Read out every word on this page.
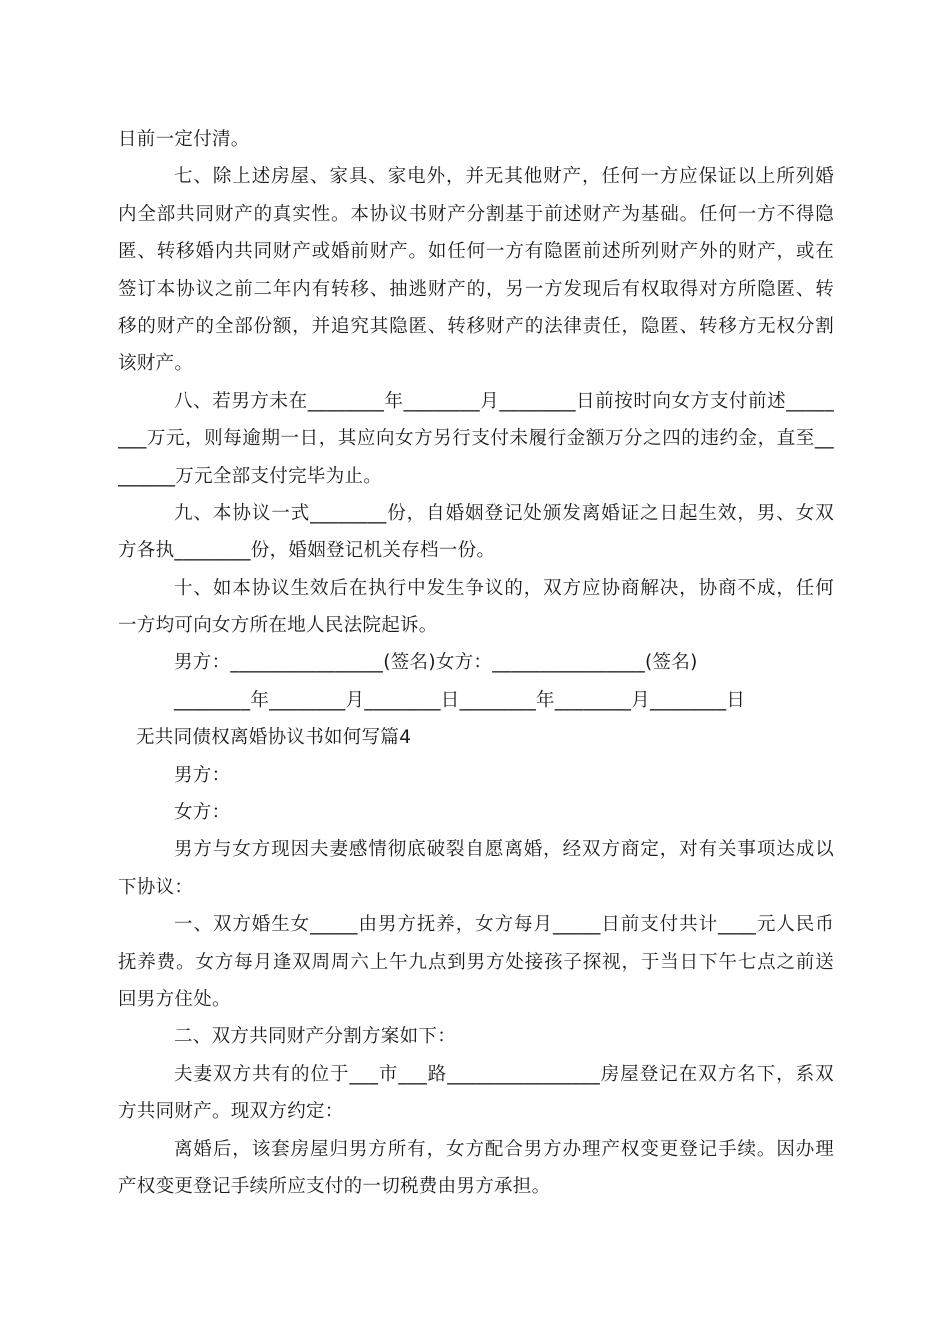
日前一定付清。
七、除上述房屋、家具、家电外，并无其他财产，任何一方应保证以上所列婚
内全部共同财产的真实性。本协议书财产分割基于前述财产为基础。任何一方不得隐
匿、转移婚内共同财产或婚前财产。如任何一方有隐匿前述所列财产外的财产，或在
签订本协议之前二年内有转移、抽逃财产的，另一方发现后有权取得对方所隐匿、转
移的财产的全部份额，并追究其隐匿、转移财产的法律责任，隐匿、转移方无权分割
该财产。
八、若男方未在________年________月________日前按时向女方支付前述_____
___万元，则每逾期一日，其应向女方另行支付未履行金额万分之四的违约金，直至__
______万元全部支付完毕为止。
九、本协议一式________份，自婚姻登记处颁发离婚证之日起生效，男、女双
方各执________份，婚姻登记机关存档一份。
十、如本协议生效后在执行中发生争议的，双方应协商解决，协商不成，任何
一方均可向女方所在地人民法院起诉。
男方：________________(签名)女方：________________(签名)
________年________月________日________年________月________日
无共同债权离婚协议书如何写篇4
男方：
女方：
男方与女方现因夫妻感情彻底破裂自愿离婚，经双方商定，对有关事项达成以
下协议：
一、双方婚生女_____由男方抚养，女方每月_____日前支付共计____元人民币
抚养费。女方每月逢双周周六上午九点到男方处接孩子探视，于当日下午七点之前送
回男方住处。
二、双方共同财产分割方案如下：
夫妻双方共有的位于___市___路________________房屋登记在双方名下，系双
方共同财产。现双方约定：
离婚后，该套房屋归男方所有，女方配合男方办理产权变更登记手续。因办理
产权变更登记手续所应支付的一切税费由男方承担。
